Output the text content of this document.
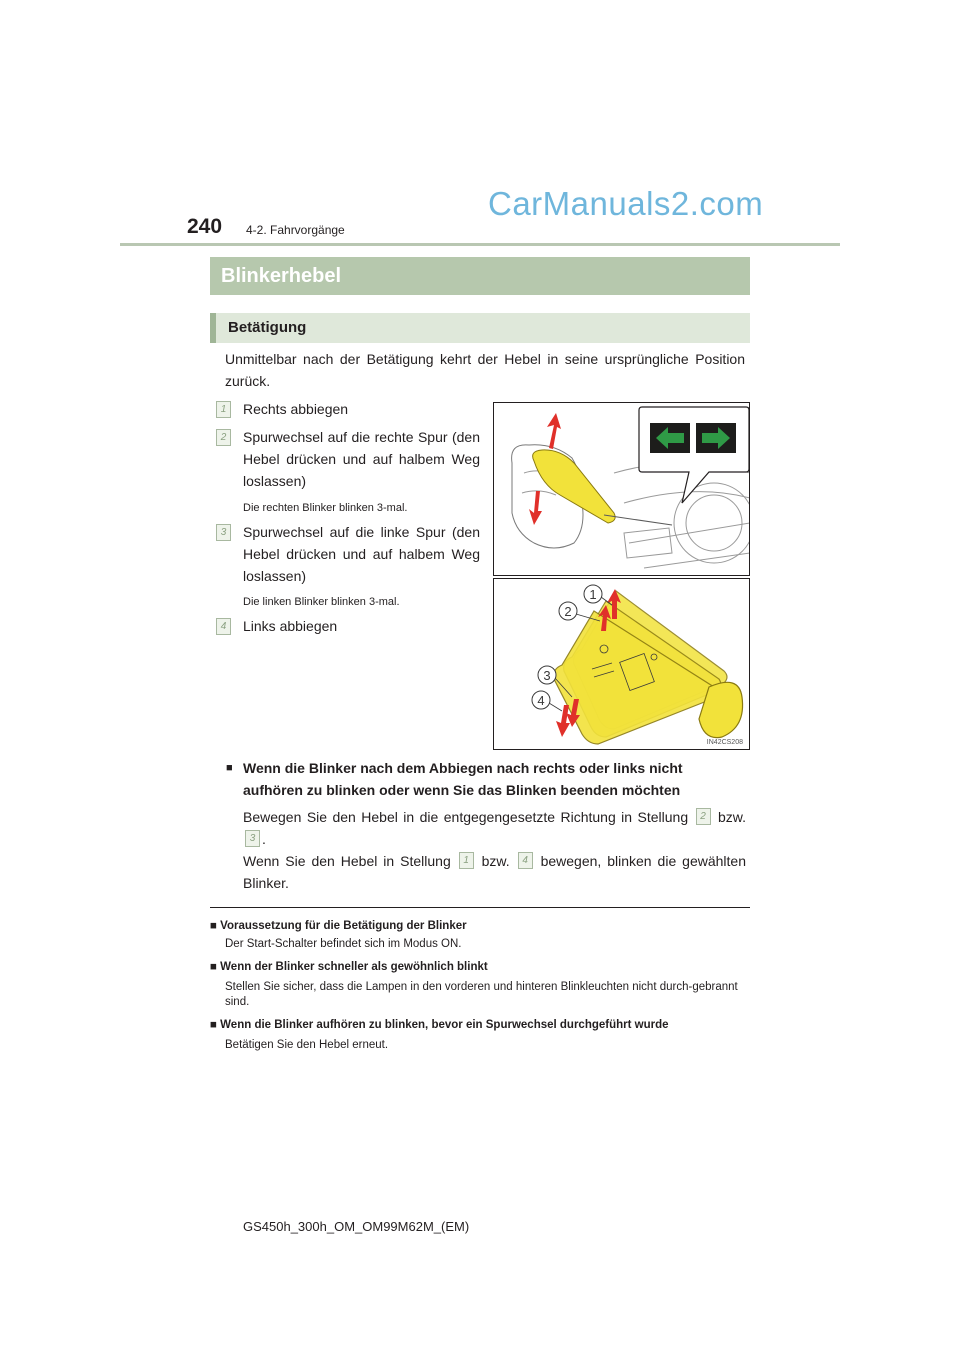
240 4-2. Fahrvorgänge
CarManuals2.com
Blinkerhebel
Betätigung
Unmittelbar nach der Betätigung kehrt der Hebel in seine ursprüngliche Position zurück.
1	Rechts abbiegen
2	Spurwechsel auf die rechte Spur (den Hebel drücken und auf halbem Weg loslassen)
Die rechten Blinker blinken 3-mal.
3	Spurwechsel auf die linke Spur (den Hebel drücken und auf halbem Weg loslassen)
Die linken Blinker blinken 3-mal.
4	Links abbiegen
1
2
3
4
IN42CS208
■ Wenn die Blinker nach dem Abbiegen nach rechts oder links nicht aufhören zu blinken oder wenn Sie das Blinken beenden möchten
Bewegen Sie den Hebel in die entgegengesetzte Richtung in Stellung 2 bzw. 3 .
Wenn Sie den Hebel in Stellung 1 bzw. 4 bewegen, blinken die gewählten Blinker.
■ Voraussetzung für die Betätigung der Blinker
Der Start-Schalter befindet sich im Modus ON.
■ Wenn der Blinker schneller als gewöhnlich blinkt
Stellen Sie sicher, dass die Lampen in den vorderen und hinteren Blinkleuchten nicht durch-gebrannt sind.
■ Wenn die Blinker aufhören zu blinken, bevor ein Spurwechsel durchgeführt wurde
Betätigen Sie den Hebel erneut.
GS450h_300h_OM_OM99M62M_(EM)
